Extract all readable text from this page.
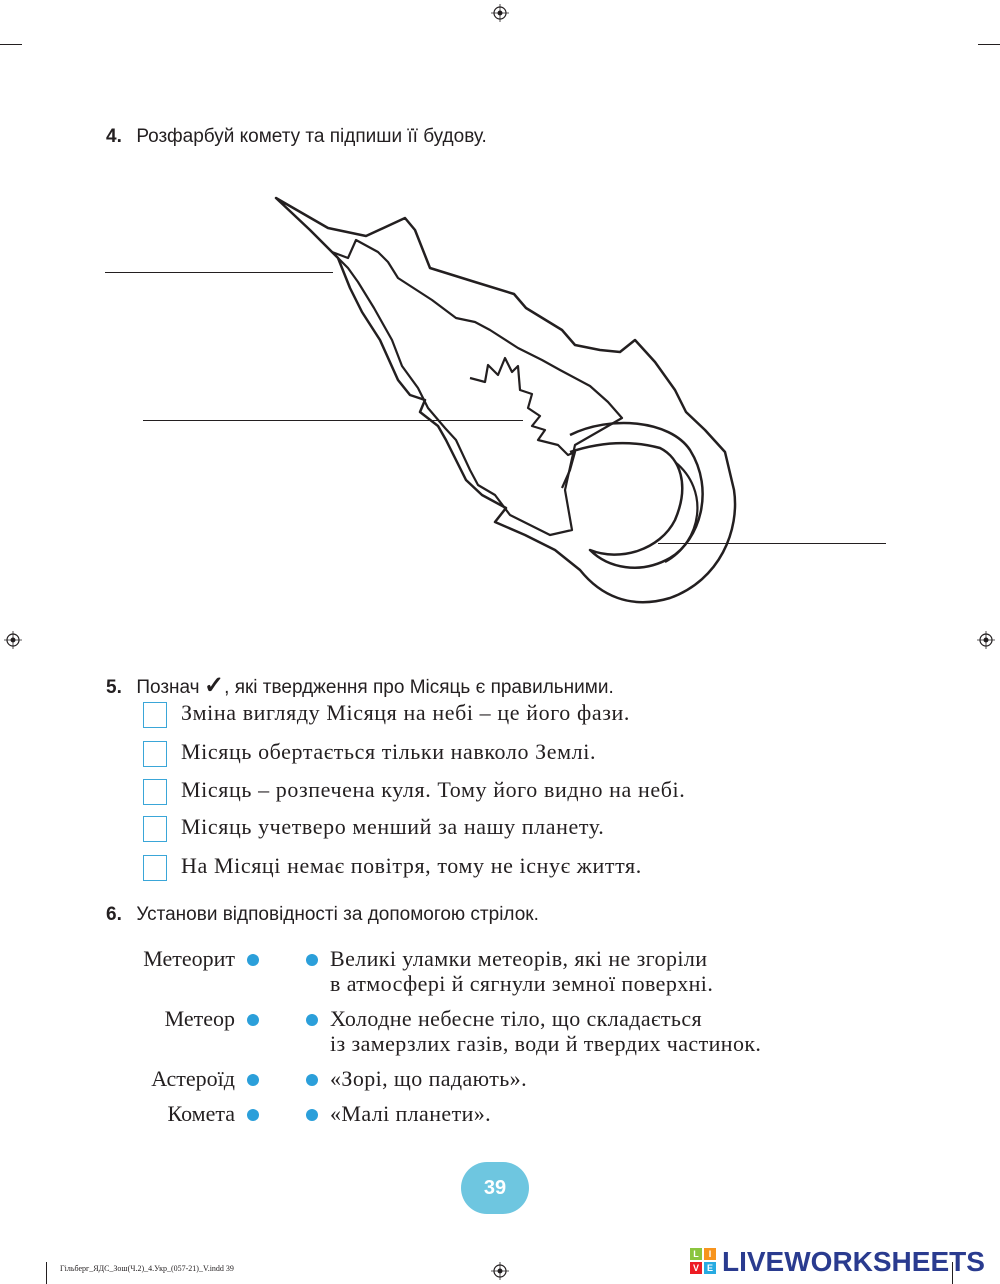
4. Розфарбуй комету та підпиши її будову.
5. Познач ✓, які твердження про Місяць є правильними.
Зміна вигляду Місяця на небі – це його фази.
Місяць обертається тільки навколо Землі.
Місяць – розпечена куля. Тому його видно на небі.
Місяць учетверо менший за нашу планету.
На Місяці немає повітря, тому не існує життя.
6. Установи відповідності за допомогою стрілок.
Метеорит
Метеор
Астероїд
Комета
Великі уламки метеорів, які не згоріли
в атмосфері й сягнули земної поверхні.
Холодне небесне тіло, що складається
із замерзлих газів, води й твердих частинок.
«Зорі, що падають».
«Малі планети».
39
Гільберг_ЯДС_Зош(Ч.2)_4.Укр_(057-21)_V.indd 39
L	I
V E LIVEWORKSHEETS
